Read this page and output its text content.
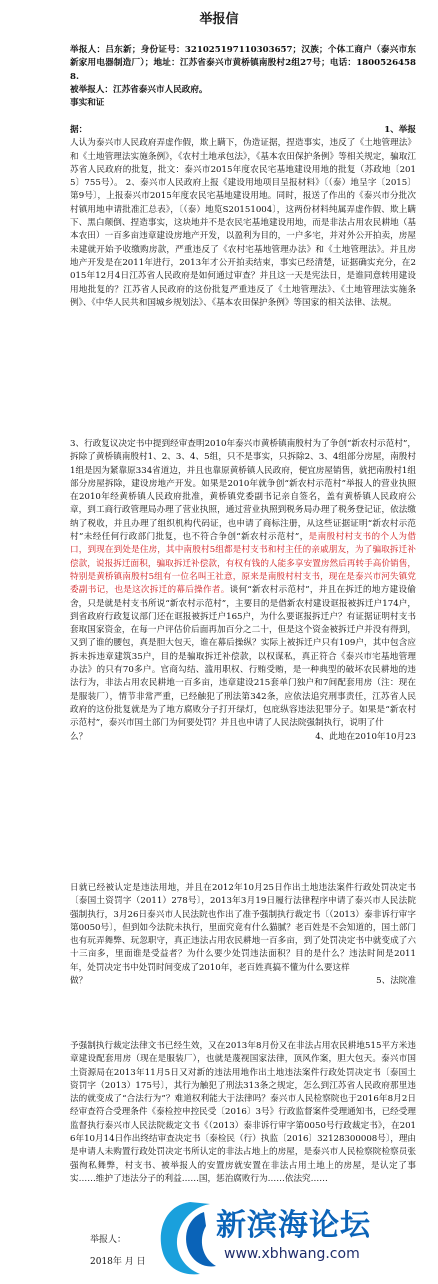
举报信
举报人：吕东新；身份证号：321025197110303657；汉族；个体工商户（泰兴市东新家用电器制造厂）；地址：江苏省泰兴市黄桥镇南殷村2组27号；电话：18005264588.
被举报人：江苏省泰兴市人民政府。
事实和证
据：	1、举报
人认为泰兴市人民政府弄虚作假，欺上瞒下，伪造证据，捏造事实，违反了《土地管理法》和《土地管理法实施条例》，《农村土地承包法》，《基本农田保护条例》等相关规定，骗取江苏省人民政府的批复，批文：泰兴市2015年度农民宅基地建设用地的批复（苏政地〔2015〕755号）。 2、泰兴市人民政府上报《建设用地项目呈报材料》〔（泰）地呈字〔2015〕第9号〕，上报泰兴市2015年度农民宅基地建设用地。同时，报送了作出的《泰兴市分批次村镇用地申请批准汇总表》，〔（泰）地览S20151004〕，这两份材料纯属弄虚作假、欺上瞒下、黑白颠倒、捏造事实，这块地并不是农民宅基地建设用地，而是非法占用农民耕地（基本农田）一百多亩违章建设房地产开发，以盈利为目的，一户多宅，并对外公开拍卖，房屋未建就开始予收缴购房款，严重违反了《农村宅基地管理办法》和《土地管理法》。并且房地产开发是在2011年进行，2013年才公开拍卖结束，事实已经清楚，证据确实充分，在2015年12月4日江苏省人民政府是如何通过审查？并且这一天是宪法日，是谁同意转用建设用地批复的？江苏省人民政府的这份批复严重违反了《土地管理法》、《土地管理法实施条例》、《中华人民共和国城乡规划法》、《基本农田保护条例》等国家的相关法律、法规。
3、行政复议决定书中提到经审查明2010年泰兴市黄桥镇南殷村为了争创“新农村示范村”，拆除了黄桥镇南殷村1、2、3、4、5组，只不是事实，只拆除2、3、4组部分房屋，南殷村1组是因为紧靠原334省道边，并且也靠原黄桥镇人民政府，便宜房屋销售，就把南殷村1组部分房屋拆除，建设房地产开发。如果是2010年就争创“新农村示范村”举报人的营业执照在2010年经黄桥镇人民政府批准，黄桥镇党委副书记亲自签名，盖有黄桥镇人民政府公章，到工商行政管理局办理了营业执照，通过营业执照到税务局办理了税务登记证，依法缴纳了税收，并且办理了组织机构代码证，也申请了商标注册，从这些证据证明“新农村示范村”未经任何行政部门批复，也不符合争创“新农村示范村”，是南殷村村支书的个人为借口，到现在到处是住房，其中南殷村5组都是村支书和村主任的亲戚朋友，为了骗取拆迁补偿款，说报拆迁面积，骗取拆迁补偿款，有权有钱的人能多享安置房然后再转手高价销售，特别是黄桥镇南殷村5组有一位名叫王社意，原来是南殷村村支书，现在是泰兴市河失镇党委副书记，也是这次拆迁的幕后操作者。谈何“新农村示范村”，并且在拆迁的地方建设偷舍，只是就是村支书所说“新农村示范村”，主要目的是借新农村建设诓报被拆迁户174户，到省政府行政复议部门还在诓报被拆迁户165户，为什么要诓报拆迁户？有证据证明村支书套取国家资金，在每一户评估价后面再加百分之二十，但是这个资金被拆迁户并没有得到，又到了谁的腰包，真是胆大包天，谁在幕后操纵？实际上被拆迁户只有109户，其中包含应拆未拆违章建筑35户，目的是骗取拆迁补偿款，以权谋私，真正符合《泰兴市宅基地管理办法》的只有70多户。官商勾结、滥用职权、行贿受贿，是一种典型的破坏农民耕地的违法行为，非法占用农民耕地一百多亩，违章建设215套单门独户和7间配套用房（注：现在是服装厂），情节非常严重，已经触犯了刑法第342条，应依法追究刑事责任，江苏省人民政府的这份批复就是为了地方腐败分子打开绿灯，包庇纵容违法犯罪分子。如果是“新农村示范村”，泰兴市国土部门为何要处罚？并且也申请了人民法院强制执行，说明了什
么？	4、此地在2010年10月23
日就已经被认定是违法用地，并且在2012年10月25日作出土地违法案件行政处罚决定书〔泰国土资罚字（2011）278号〕，2013年3月19日履行法律程序申请了泰兴市人民法院强制执行，3月26日泰兴市人民法院也作出了准予强制执行裁定书〔（2013）泰非诉行审字第0050号〕，但到如今法院未执行，里面究竟有什么猫腻？老百姓是不会知道的，国土部门也有玩弄舞弊、玩忽职守，真正违法占用农民耕地一百多亩，到了处罚决定书中就变成了六十三亩多，里面谁是受益者？为什么要少处罚违法面积？目的是什么？违法时间是2011年，处罚决定书中处罚时间变成了2010年，老百姓真搞不懂为什么要这样
做？	5、法院准
予强制执行裁定法律文书已经生效，又在2013年8月份又在非法占用农民耕地515平方米违章建设配套用房（现在是服装厂），也就是蔑视国家法律，顶风作案，胆大包天。泰兴市国土资源局在2013年11月5日又对新的违法用地作出土地违法案件行政处罚决定书〔泰国土资罚字（2013）175号〕，其行为触犯了刑法313条之规定，怎么到江苏省人民政府那里违法的就变成了“合法行为”？难道权利能大于法律吗？泰兴市人民检察院也于2016年8月2日经审查符合受理条件《泰检控申控民受〔2016〕3号》行政监督案件受理通知书，已经受理监督执行泰兴市人民法院裁定文书《（2013）泰非诉行审字第0050号行政裁定书》，在2016年10月14日作出终结审查决定书〔泰检民（行）执监〔2016〕32128300008号〕，理由是申请人未购置行政处罚决定书所认定的非法占地上的房屋，是泰兴市人民检察院检察员张强徇私舞弊，村支书、被举报人的安置房就安置在非法占用土地上的房屋，是认定了事实……维护了违法分子的利益……国，惩治腐败行为……依法究……
举报人：
2018年 月 日
新滨海论坛
www.xbhwang.com
